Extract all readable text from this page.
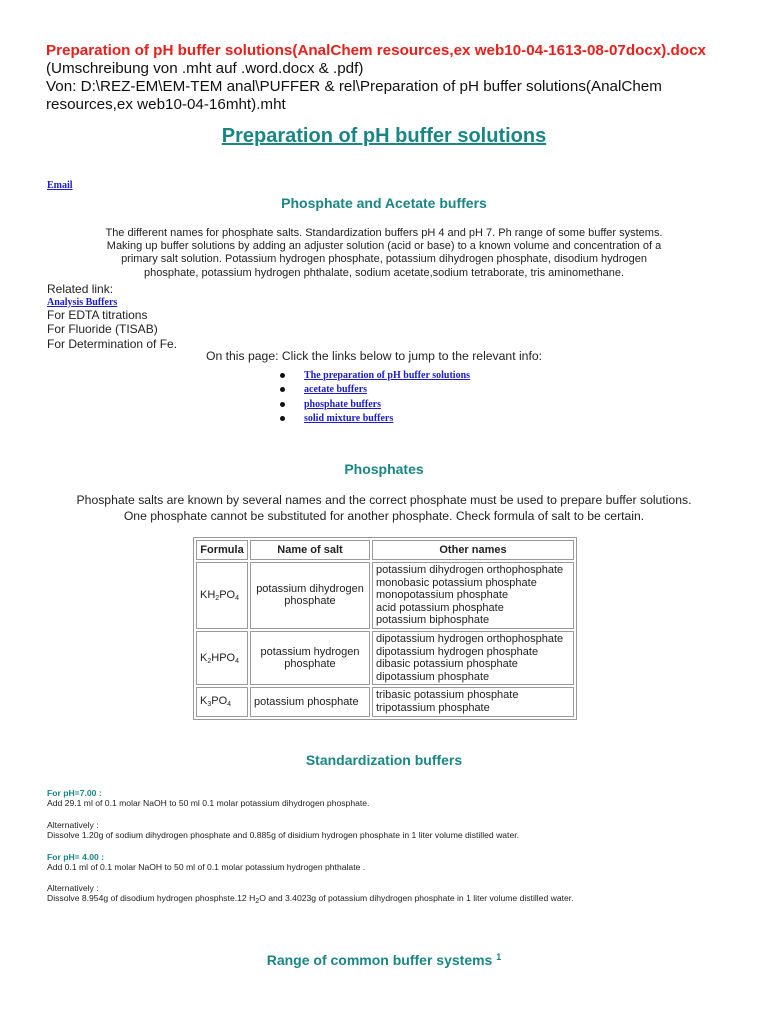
Preparation of pH buffer solutions(AnalChem resources,ex web10-04-1613-08-07docx).docx
(Umschreibung von .mht auf .word.docx & .pdf)
Von: D:\REZ-EM\EM-TEM anal\PUFFER & rel\Preparation of pH buffer solutions(AnalChem
resources,ex web10-04-16mht).mht
Preparation of pH buffer solutions
Email
Phosphate and Acetate buffers
The different names for phosphate salts. Standardization buffers pH 4 and pH 7. Ph range of some buffer systems.
Making up buffer solutions by adding an adjuster solution (acid or base) to a known volume and concentration of a
primary salt solution. Potassium hydrogen phosphate, potassium dihydrogen phosphate, disodium hydrogen
phosphate, potassium hydrogen phthalate, sodium acetate,sodium tetraborate, tris aminomethane.
Related link:
Analysis Buffers
For EDTA titrations
For Fluoride (TISAB)
For Determination of Fe.
On this page: Click the links below to jump to the relevant info:
The preparation of pH buffer solutions
acetate buffers
phosphate buffers
solid mixture buffers
Phosphates
Phosphate salts are known by several names and the correct phosphate must be used to prepare buffer solutions.
One phosphate cannot be substituted for another phosphate. Check formula of salt to be certain.
Formula	Name of salt	Other names
$KH_2PO_4$	potassium dihydrogen phosphate	potassium dihydrogen orthophosphate
monobasic potassium phosphate
monopotassium phosphate
acid potassium phosphate
potassium biphosphate

$K_2HPO_4$	potassium hydrogen phosphate	dipotassium hydrogen orthophosphate
dipotassium hydrogen phosphate
dibasic potassium phosphate
dipotassium phosphate

$K_3PO_4$	potassium phosphate	tribasic potassium phosphate
tripotassium phosphate
Standardization buffers
For pH=7.00 :
Add 29.1 ml of 0.1 molar NaOH to 50 ml 0.1 molar potassium dihydrogen phosphate.
Alternatively :
Dissolve 1.20g of sodium dihydrogen phosphate and 0.885g of disidium hydrogen phosphate in 1 liter volume distilled water.
For pH= 4.00 :
Add 0.1 ml of 0.1 molar NaOH to 50 ml of 0.1 molar potassium hydrogen phthalate .
Alternatively :
Dissolve 8.954g of disodium hydrogen phosphste.12 $H_2O$ and 3.4023g of potassium dihydrogen phosphate in 1 liter volume distilled water.
Range of common buffer systems $^1$
